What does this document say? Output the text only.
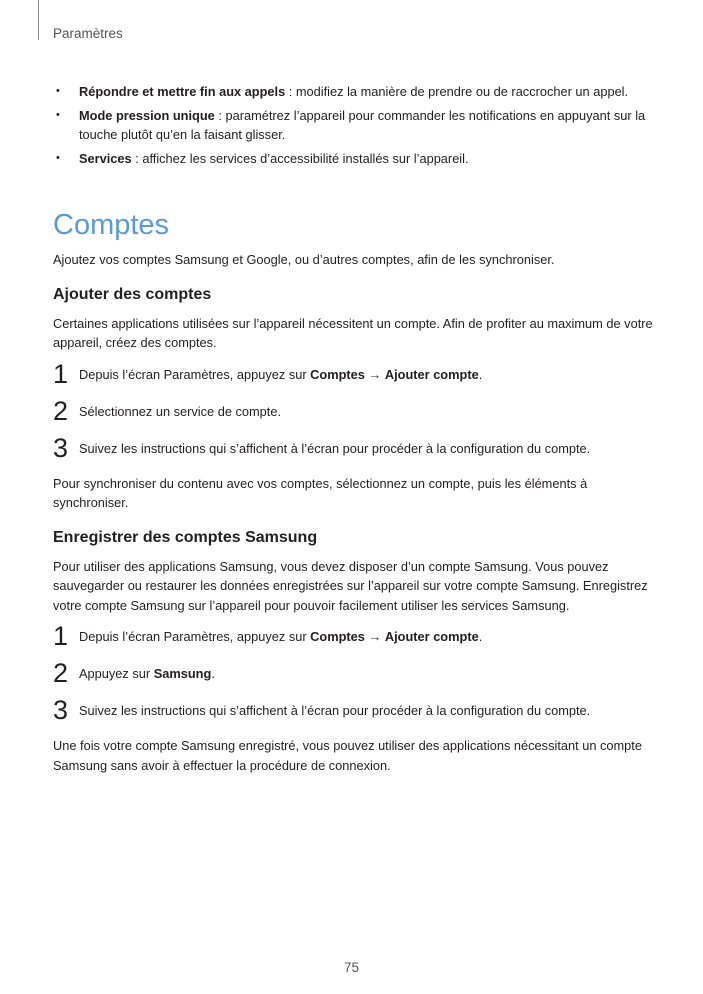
Paramètres
• Répondre et mettre fin aux appels : modifiez la manière de prendre ou de raccrocher un appel.
• Mode pression unique : paramétrez l’appareil pour commander les notifications en appuyant sur la touche plutôt qu’en la faisant glisser.
• Services : affichez les services d’accessibilité installés sur l’appareil.
Comptes

Ajoutez vos comptes Samsung et Google, ou d’autres comptes, afin de les synchroniser.

Ajouter des comptes

Certaines applications utilisées sur l’appareil nécessitent un compte. Afin de profiter au maximum de votre appareil, créez des comptes.

1 Depuis l’écran Paramètres, appuyez sur Comptes → Ajouter compte.
2 Sélectionnez un service de compte.
3 Suivez les instructions qui s’affichent à l’écran pour procéder à la configuration du compte.

Pour synchroniser du contenu avec vos comptes, sélectionnez un compte, puis les éléments à synchroniser.

Enregistrer des comptes Samsung

Pour utiliser des applications Samsung, vous devez disposer d’un compte Samsung. Vous pouvez sauvegarder ou restaurer les données enregistrées sur l’appareil sur votre compte Samsung. Enregistrez votre compte Samsung sur l’appareil pour pouvoir facilement utiliser les services Samsung.

1 Depuis l’écran Paramètres, appuyez sur Comptes → Ajouter compte.
2 Appuyez sur Samsung.
3 Suivez les instructions qui s’affichent à l’écran pour procéder à la configuration du compte.

Une fois votre compte Samsung enregistré, vous pouvez utiliser des applications nécessitant un compte Samsung sans avoir à effectuer la procédure de connexion.

75
